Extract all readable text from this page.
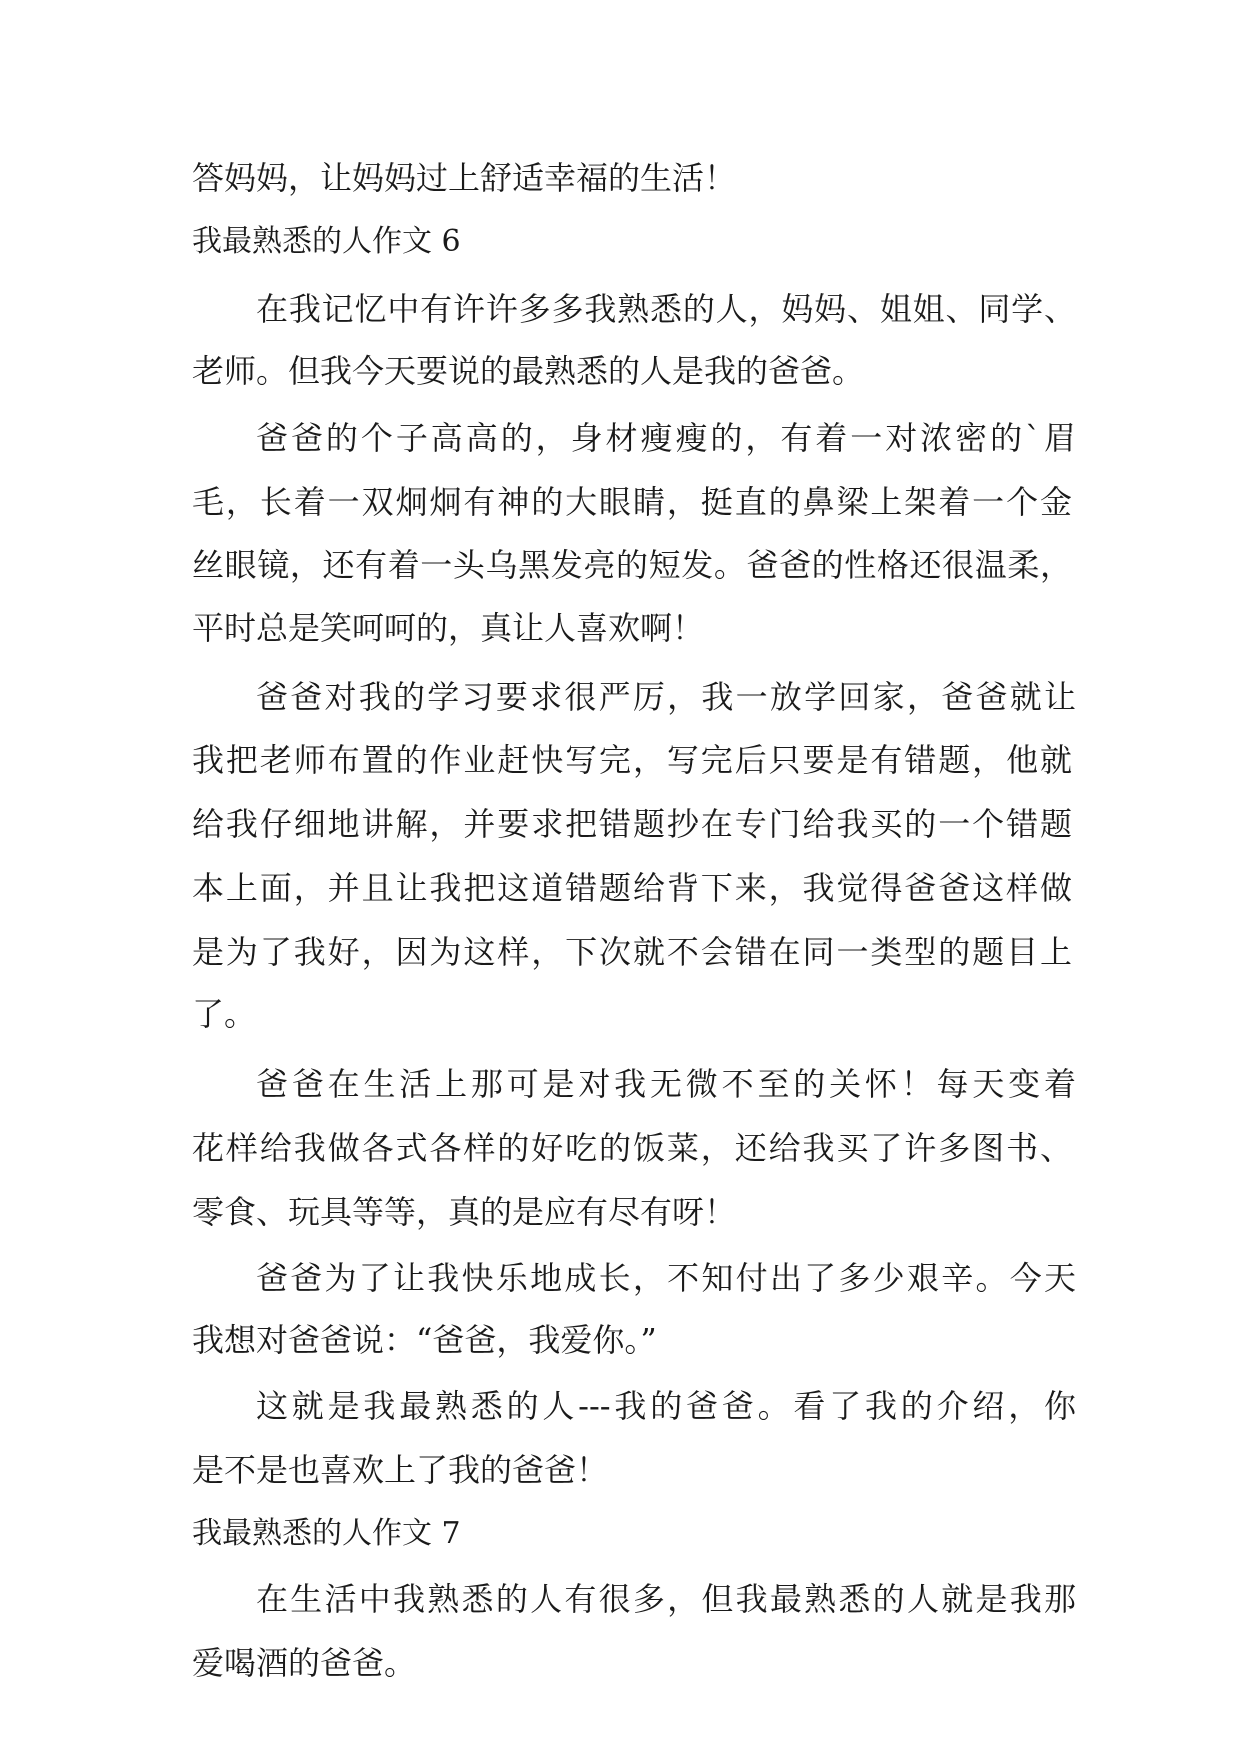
答妈妈，让妈妈过上舒适幸福的生活！
我最熟悉的人作文 6
在我记忆中有许许多多我熟悉的人，妈妈、姐姐、同学、
老师。但我今天要说的最熟悉的人是我的爸爸。
爸爸的个子高高的，身材瘦瘦的，有着一对浓密的`眉
毛，长着一双炯炯有神的大眼睛，挺直的鼻梁上架着一个金
丝眼镜，还有着一头乌黑发亮的短发。爸爸的性格还很温柔，
平时总是笑呵呵的，真让人喜欢啊！
爸爸对我的学习要求很严厉，我一放学回家，爸爸就让
我把老师布置的作业赶快写完，写完后只要是有错题，他就
给我仔细地讲解，并要求把错题抄在专门给我买的一个错题
本上面，并且让我把这道错题给背下来，我觉得爸爸这样做
是为了我好，因为这样，下次就不会错在同一类型的题目上
了。
爸爸在生活上那可是对我无微不至的关怀！每天变着
花样给我做各式各样的好吃的饭菜，还给我买了许多图书、
零食、玩具等等，真的是应有尽有呀！
爸爸为了让我快乐地成长，不知付出了多少艰辛。今天
我想对爸爸说：“爸爸，我爱你。”
这就是我最熟悉的人---我的爸爸。看了我的介绍，你
是不是也喜欢上了我的爸爸！
我最熟悉的人作文 7
在生活中我熟悉的人有很多，但我最熟悉的人就是我那
爱喝酒的爸爸。
